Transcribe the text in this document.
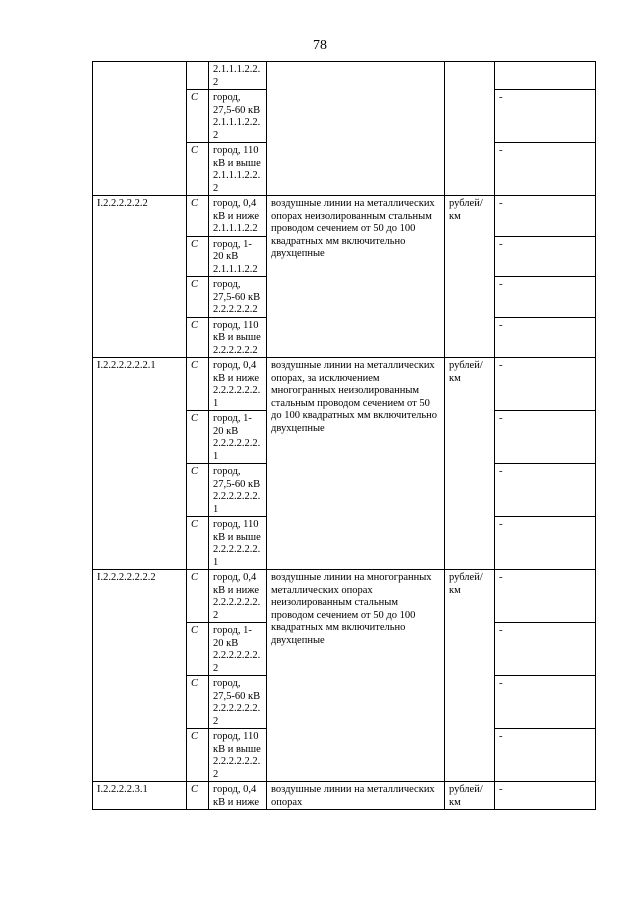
78
		2.1.1.1.2.2.
2			
	С	город,
27,5-60 кВ
2.1.1.1.2.2.
2			-
	С	город, 110
кВ и выше
2.1.1.1.2.2.
2			-
I.2.2.2.2.2.2	С	город, 0,4
кВ и ниже
2.1.1.1.2.2	воздушные линии на металлических опорах неизолированным стальным проводом сечением от 50 до 100 квадратных мм включительно двухцепные	рублей/км	-
	С	город, 1-
20 кВ
2.1.1.1.2.2			-
	С	город,
27,5-60 кВ
2.2.2.2.2.2			-
	С	город, 110
кВ и выше
2.2.2.2.2.2			-
I.2.2.2.2.2.2.1	С	город, 0,4
кВ и ниже
2.2.2.2.2.2.
1	воздушные линии на металлических опорах, за исключением многогранных неизолированным стальным проводом сечением от 50 до 100 квадратных мм включительно двухцепные	рублей/км	-
	С	город, 1-
20 кВ
2.2.2.2.2.2.
1			-
	С	город,
27,5-60 кВ
2.2.2.2.2.2.
1			-
	С	город, 110
кВ и выше
2.2.2.2.2.2.
1			-
I.2.2.2.2.2.2.2	С	город, 0,4
кВ и ниже
2.2.2.2.2.2.
2	воздушные линии на многогранных металлических опорах неизолированным стальным проводом сечением от 50 до 100 квадратных мм включительно двухцепные	рублей/км	-
	С	город, 1-
20 кВ
2.2.2.2.2.2.
2			-
	С	город,
27,5-60 кВ
2.2.2.2.2.2.
2			-
	С	город, 110
кВ и выше
2.2.2.2.2.2.
2			-
I.2.2.2.2.3.1	С	город, 0,4
кВ и ниже	воздушные линии на металлических опорах	рублей/км	-
